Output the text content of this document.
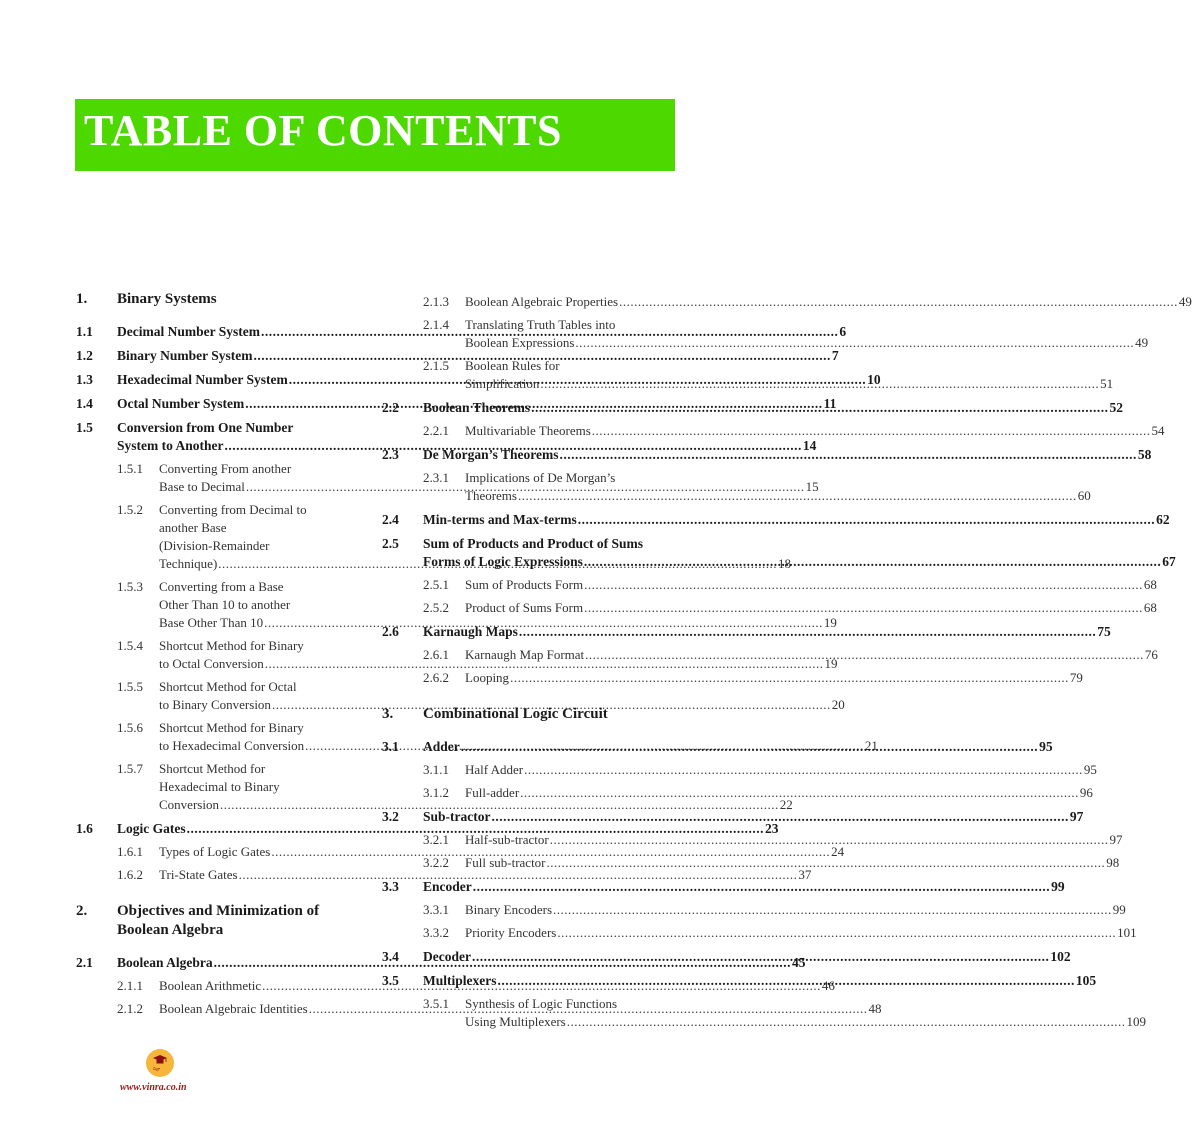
TABLE OF CONTENTS
1.	Binary Systems
1.1	Decimal Number System .....	6
1.2	Binary Number System .....	7
1.3	Hexadecimal Number System .....	10
1.4	Octal Number System .....	11
1.5	Conversion from One Number
System to Another .....	14
1.5.1	Converting From another
Base to Decimal .....	15
1.5.2	Converting from Decimal to
another Base
(Division-Remainder
Technique) .....	18
1.5.3	Converting from a Base
Other Than 10 to another
Base Other Than 10 .....	19
1.5.4	Shortcut Method for Binary
to Octal Conversion .....	19
1.5.5	Shortcut Method for Octal
to Binary Conversion .....	20
1.5.6	Shortcut Method for Binary
to Hexadecimal Conversion .....	21
1.5.7	Shortcut Method for
Hexadecimal to Binary
Conversion .....	22
1.6	Logic Gates .....	23
1.6.1	Types of Logic Gates .....	24
1.6.2	Tri-State Gates .....	37
2.	Objectives and Minimization of
Boolean Algebra
2.1	Boolean Algebra .....	45
2.1.1	Boolean Arithmetic .....	46
2.1.2	Boolean Algebraic Identities .....	48
2.1.3	Boolean Algebraic Properties .....	49
2.1.4	Translating Truth Tables into
Boolean Expressions .....	49
2.1.5	Boolean Rules for
Simplification .....	51
2.2	Boolean Theorems .....	52
2.2.1	Multivariable Theorems .....	54
2.3	De Morgan’s Theorems .....	58
2.3.1	Implications of De Morgan’s
Theorems .....	60
2.4	Min-terms and Max-terms .....	62
2.5	Sum of Products and Product of Sums
Forms of Logic Expressions .....	67
2.5.1	Sum of Products Form .....	68
2.5.2	Product of Sums Form .....	68
2.6	Karnaugh Maps .....	75
2.6.1	Karnaugh Map Format .....	76
2.6.2	Looping .....	79
3.	Combinational Logic Circuit
3.1	Adder .....	95
3.1.1	Half Adder .....	95
3.1.2	Full-adder .....	96
3.2	Sub-tractor .....	97
3.2.1	Half-sub-tractor .....	97
3.2.2	Full sub-tractor .....	98
3.3	Encoder .....	99
3.3.1	Binary Encoders .....	99
3.3.2	Priority Encoders .....	101
3.4	Decoder .....	102
3.5	Multiplexers .....	105
3.5.1	Synthesis of Logic Functions
Using Multiplexers .....	109
విన్రా
www.vinra.co.in
